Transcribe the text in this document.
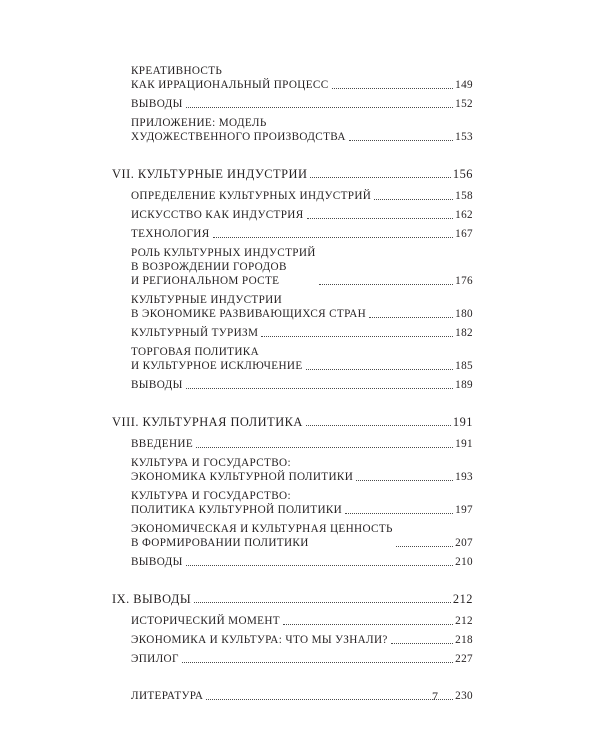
КРЕАТИВНОСТЬ
КАК ИРРАЦИОНАЛЬНЫЙ ПРОЦЕСС	149
ВЫВОДЫ	152
ПРИЛОЖЕНИЕ: МОДЕЛЬ
ХУДОЖЕСТВЕННОГО ПРОИЗВОДСТВА	153
VII. КУЛЬТУРНЫЕ ИНДУСТРИИ	156
ОПРЕДЕЛЕНИЕ КУЛЬТУРНЫХ ИНДУСТРИЙ	158
ИСКУССТВО КАК ИНДУСТРИЯ	162
ТЕХНОЛОГИЯ	167
РОЛЬ КУЛЬТУРНЫХ ИНДУСТРИЙ
В ВОЗРОЖДЕНИИ ГОРОДОВ
И РЕГИОНАЛЬНОМ РОСТЕ	176
КУЛЬТУРНЫЕ ИНДУСТРИИ
В ЭКОНОМИКЕ РАЗВИВАЮЩИХСЯ СТРАН	180
КУЛЬТУРНЫЙ ТУРИЗМ	182
ТОРГОВАЯ ПОЛИТИКА
И КУЛЬТУРНОЕ ИСКЛЮЧЕНИЕ	185
ВЫВОДЫ	189
VIII. КУЛЬТУРНАЯ ПОЛИТИКА	191
ВВЕДЕНИЕ	191
КУЛЬТУРА И ГОСУДАРСТВО:
ЭКОНОМИКА КУЛЬТУРНОЙ ПОЛИТИКИ	193
КУЛЬТУРА И ГОСУДАРСТВО:
ПОЛИТИКА КУЛЬТУРНОЙ ПОЛИТИКИ	197
ЭКОНОМИЧЕСКАЯ И КУЛЬТУРНАЯ ЦЕННОСТЬ
В ФОРМИРОВАНИИ ПОЛИТИКИ	207
ВЫВОДЫ	210
IX. ВЫВОДЫ	212
ИСТОРИЧЕСКИЙ МОМЕНТ	212
ЭКОНОМИКА И КУЛЬТУРА: ЧТО МЫ УЗНАЛИ?	218
ЭПИЛОГ	227
ЛИТЕРАТУРА	230
7
